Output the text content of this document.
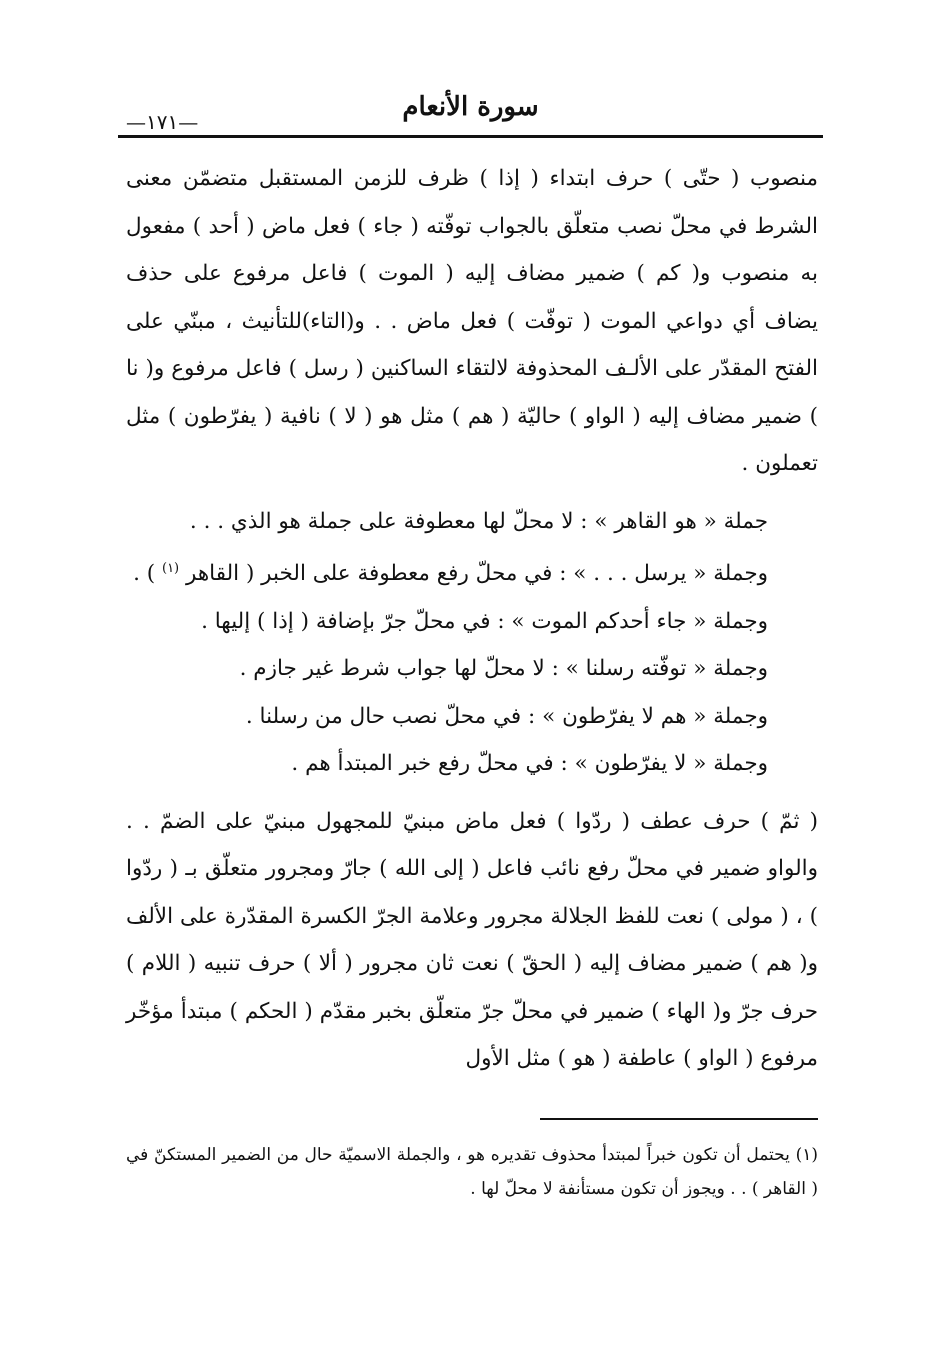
سورة الأنعام
—١٧١—

منصوب ( حتّى ) حرف ابتداء ( إذا ) ظرف للزمن المستقبل متضمّن معنى الشرط في محلّ نصب متعلّق بالجواب توفّته ( جاء ) فعل ماض ( أحد ) مفعول به منصوب و( كم ) ضمير مضاف إليه ( الموت ) فاعل مرفوع على حذف يضاف أي دواعي الموت ( توفّت ) فعل ماض . . و(التاء)للتأنيث ، مبنّي على الفتح المقدّر على الألـف المحذوفة لالتقاء الساكنين ( رسل ) فاعل مرفوع و( نا ) ضمير مضاف إليه ( الواو ) حاليّة ( هم ) مثل هو ( لا ) نافية ( يفرّطون ) مثل تعملون .

جملة « هو القاهر » : لا محلّ لها معطوفة على جملة هو الذي . . .

وجملة « يرسل . . . » : في محلّ رفع معطوفة على الخبر ( القاهر $^{(١)}$ ) .

وجملة « جاء أحدكم الموت » : في محلّ جرّ بإضافة ( إذا ) إليها .

وجملة « توفّته رسلنا » : لا محلّ لها جواب شرط غير جازم .

وجملة « هم لا يفرّطون » : في محلّ نصب حال من رسلنا .

وجملة « لا يفرّطون » : في محلّ رفع خبر المبتدأ هم .

( ثمّ ) حرف عطف ( ردّوا ) فعل ماض مبنيّ للمجهول مبنيّ على الضمّ . . والواو ضمير في محلّ رفع نائب فاعل ( إلى الله ) جارّ ومجرور متعلّق بـ ( ردّوا ) ، ( مولى ) نعت للفظ الجلالة مجرور وعلامة الجرّ الكسرة المقدّرة على الألف و( هم ) ضمير مضاف إليه ( الحقّ ) نعت ثان مجرور ( ألا ) حرف تنبيه ( اللام ) حرف جرّ و( الهاء ) ضمير في محلّ جرّ متعلّق بخبر مقدّم ( الحكم ) مبتدأ مؤخّر مرفوع ( الواو ) عاطفة ( هو ) مثل الأول

(١) يحتمل أن تكون خبراً لمبتدأ محذوف تقديره هو ، والجملة الاسميّة حال من الضمير المستكنّ في ( القاهر ) . . ويجوز أن تكون مستأنفة لا محلّ لها .
